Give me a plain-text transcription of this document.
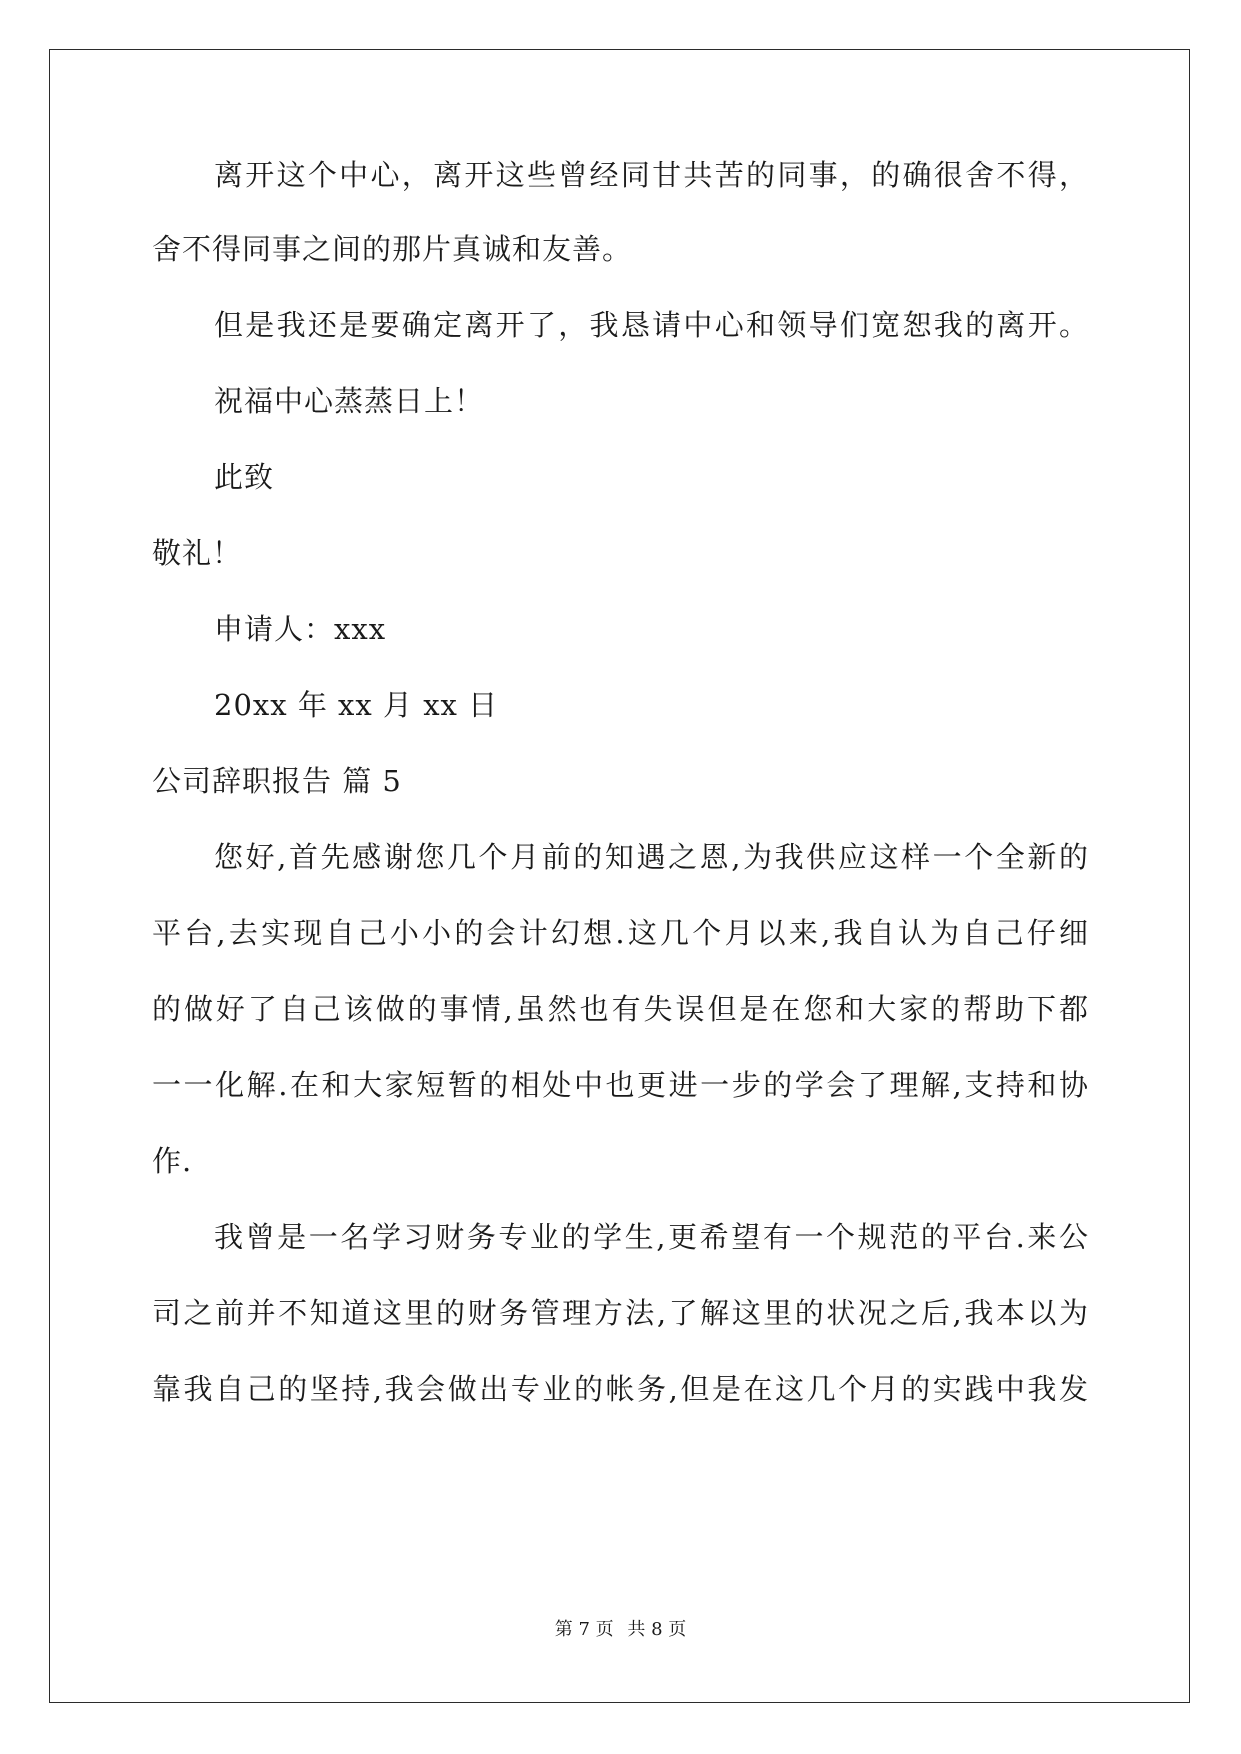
离开这个中心，离开这些曾经同甘共苦的同事，的确很舍不得，
舍不得同事之间的那片真诚和友善。
但是我还是要确定离开了，我恳请中心和领导们宽恕我的离开。
祝福中心蒸蒸日上！
此致
敬礼！
申请人：xxx
20xx 年 xx 月 xx 日
公司辞职报告 篇 5
您好,首先感谢您几个月前的知遇之恩,为我供应这样一个全新的
平台,去实现自己小小的会计幻想.这几个月以来,我自认为自己仔细
的做好了自己该做的事情,虽然也有失误但是在您和大家的帮助下都
一一化解.在和大家短暂的相处中也更进一步的学会了理解,支持和协
作.
我曾是一名学习财务专业的学生,更希望有一个规范的平台.来公
司之前并不知道这里的财务管理方法,了解这里的状况之后,我本以为
靠我自己的坚持,我会做出专业的帐务,但是在这几个月的实践中我发
第 7 页 共 8 页
